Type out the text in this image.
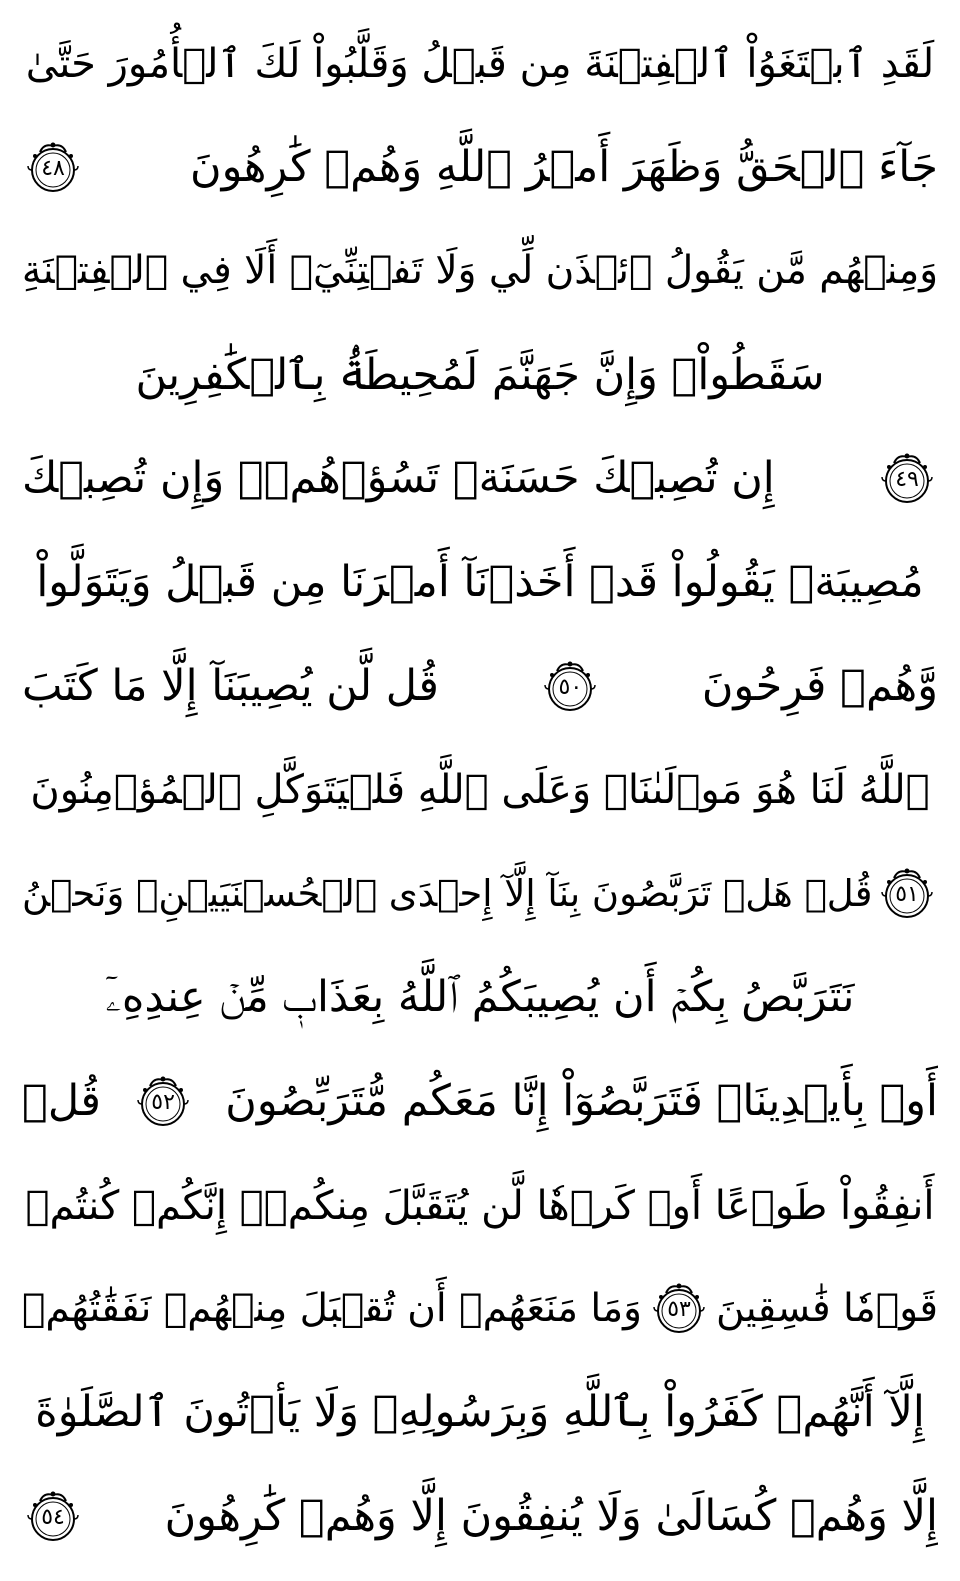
لَقَدِ ٱبۡتَغَوُاْ ٱلۡفِتۡنَةَ مِن قَبۡلُ وَقَلَّبُواْ لَكَ ٱلۡأُمُورَ حَتَّىٰ
جَآءَ ٱلۡحَقُّ وَظَهَرَ أَمۡرُ ٱللَّهِ وَهُمۡ كَٰرِهُونَ
٤٨
وَمِنۡهُم مَّن يَقُولُ ٱئۡذَن لِّي وَلَا تَفۡتِنِّيٓۚ أَلَا فِي ٱلۡفِتۡنَةِ
سَقَطُواْۗ وَإِنَّ جَهَنَّمَ لَمُحِيطَةُۢ بِٱلۡكَٰفِرِينَ
٤٩
إِن تُصِبۡكَ حَسَنَةٞ تَسُؤۡهُمۡۖ وَإِن تُصِبۡكَ
مُصِيبَةٞ يَقُولُواْ قَدۡ أَخَذۡنَآ أَمۡرَنَا مِن قَبۡلُ وَيَتَوَلَّواْ
وَّهُمۡ فَرِحُونَ
٥٠
قُل لَّن يُصِيبَنَآ إِلَّا مَا كَتَبَ
ٱللَّهُ لَنَا هُوَ مَوۡلَىٰنَاۚ وَعَلَى ٱللَّهِ فَلۡيَتَوَكَّلِ ٱلۡمُؤۡمِنُونَ
٥١
قُلۡ هَلۡ تَرَبَّصُونَ بِنَآ إِلَّآ إِحۡدَى ٱلۡحُسۡنَيَيۡنِۖ وَنَحۡنُ
نَتَرَبَّصُ بِكُمۡ أَن يُصِيبَكُمُ ٱللَّهُ بِعَذَابٖ مِّنۡ عِندِهِۦٓ
أَوۡ بِأَيۡدِينَاۖ فَتَرَبَّصُوٓاْ إِنَّا مَعَكُم مُّتَرَبِّصُونَ
٥٢
قُلۡ
أَنفِقُواْ طَوۡعًا أَوۡ كَرۡهٗا لَّن يُتَقَبَّلَ مِنكُمۡۖ إِنَّكُمۡ كُنتُمۡ
قَوۡمٗا فَٰسِقِينَ
٥٣
وَمَا مَنَعَهُمۡ أَن تُقۡبَلَ مِنۡهُمۡ نَفَقَٰتُهُمۡ
إِلَّآ أَنَّهُمۡ كَفَرُواْ بِٱللَّهِ وَبِرَسُولِهِۦ وَلَا يَأۡتُونَ ٱلصَّلَوٰةَ
إِلَّا وَهُمۡ كُسَالَىٰ وَلَا يُنفِقُونَ إِلَّا وَهُمۡ كَٰرِهُونَ
٥٤
